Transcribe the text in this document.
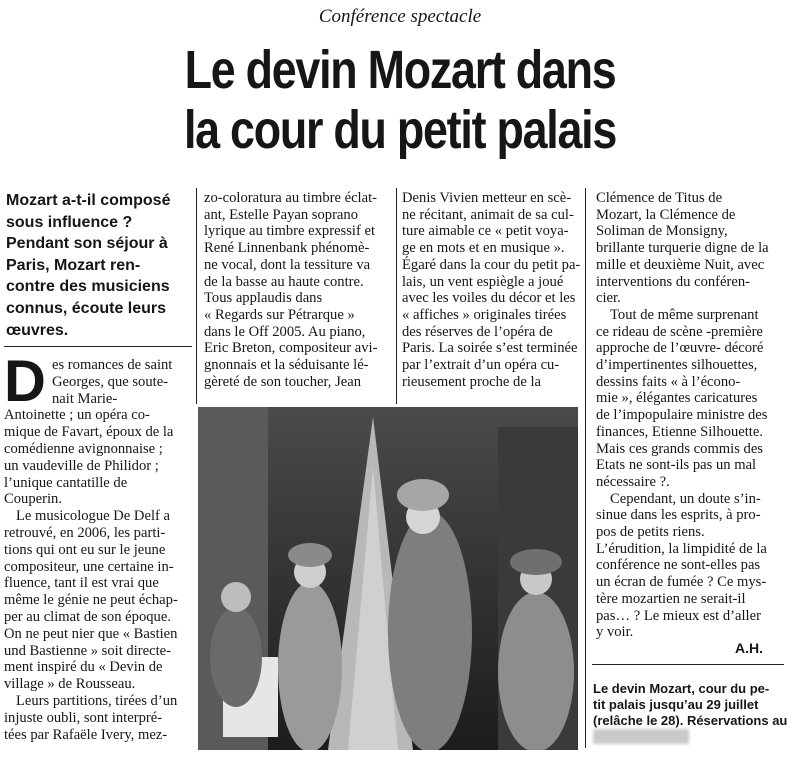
Conférence spectacle
Le devin Mozart dans
la cour du petit palais
Mozart a-t-il composé
sous influence ?
Pendant son séjour à
Paris, Mozart ren-
contre des musiciens
connus, écoute leurs
œuvres.
D es romances de saint
Georges, que soute-
nait Marie-
Antoinette ; un opéra co-
mique de Favart, époux de la
comédienne avignonnaise ;
un vaudeville de Philidor ;
l’unique cantatille de
Couperin.
Le musicologue De Delf a
retrouvé, en 2006, les parti-
tions qui ont eu sur le jeune
compositeur, une certaine in-
fluence, tant il est vrai que
même le génie ne peut échap-
per au climat de son époque.
On ne peut nier que « Bastien
und Bastienne » soit directe-
ment inspiré du « Devin de
village » de Rousseau.
Leurs partitions, tirées d’un
injuste oubli, sont interpré-
tées par Rafaële Ivery, mez-
zo-coloratura au timbre éclat-
ant, Estelle Payan soprano
lyrique au timbre expressif et
René Linnenbank phénomè-
ne vocal, dont la tessiture va
de la basse au haute contre.
Tous applaudis dans
« Regards sur Pétrarque »
dans le Off 2005. Au piano,
Eric Breton, compositeur avi-
gnonnais et la séduisante lé-
gèreté de son toucher, Jean
Denis Vivien metteur en scè-
ne récitant, animait de sa cul-
ture aimable ce « petit voya-
ge en mots et en musique ».
Égaré dans la cour du petit pa-
lais, un vent espiègle a joué
avec les voiles du décor et les
« affiches » originales tirées
des réserves de l’opéra de
Paris. La soirée s’est terminée
par l’extrait d’un opéra cu-
rieusement proche de la
Clémence de Titus de
Mozart, la Clémence de
Soliman de Monsigny,
brillante turquerie digne de la
mille et deuxième Nuit, avec
interventions du conféren-
cier.
Tout de même surprenant
ce rideau de scène -première
approche de l’œuvre- décoré
d’impertinentes silhouettes,
dessins faits « à l’écono-
mie », élégantes caricatures
de l’impopulaire ministre des
finances, Etienne Silhouette.
Mais ces grands commis des
Etats ne sont-ils pas un mal
nécessaire ?.
Cependant, un doute s’in-
sinue dans les esprits, à pro-
pos de petits riens.
L’érudition, la limpidité de la
conférence ne sont-elles pas
un écran de fumée ? Ce mys-
tère mozartien ne serait-il
pas… ? Le mieux est d’aller
y voir.
A.H.
Le devin Mozart, cour du pe-
tit palais jusqu’au 29 juillet
(relâche le 28). Réservations au
